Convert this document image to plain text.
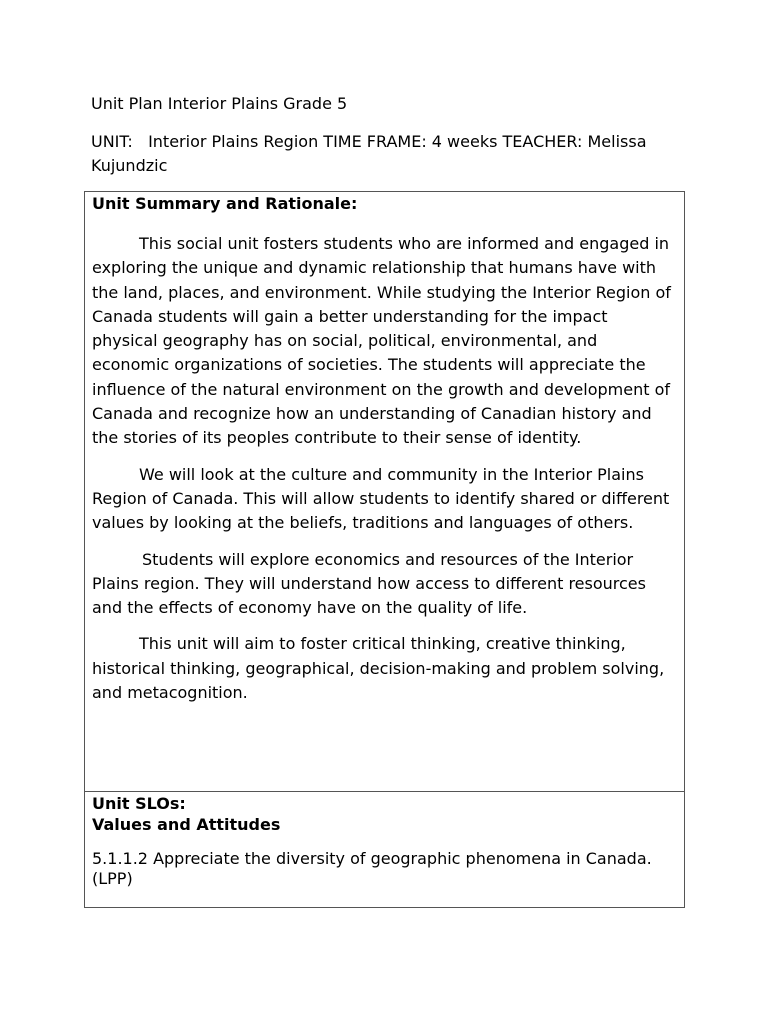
Unit Plan Interior Plains Grade 5
UNIT:   Interior Plains Region TIME FRAME: 4 weeks TEACHER: Melissa Kujundzic

Unit Summary and Rationale:

This social unit fosters students who are informed and engaged in exploring the unique and dynamic relationship that humans have with the land, places, and environment. While studying the Interior Region of Canada students will gain a better understanding for the impact physical geography has on social, political, environmental, and economic organizations of societies. The students will appreciate the influence of the natural environment on the growth and development of Canada and recognize how an understanding of Canadian history and the stories of its peoples contribute to their sense of identity.

We will look at the culture and community in the Interior Plains Region of Canada. This will allow students to identify shared or different values by looking at the beliefs, traditions and languages of others.

Students will explore economics and resources of the Interior Plains region. They will understand how access to different resources and the effects of economy have on the quality of life.

This unit will aim to foster critical thinking, creative thinking, historical thinking, geographical, decision-making and problem solving, and metacognition.

Unit SLOs:

Values and Attitudes

5.1.1.2 Appreciate the diversity of geographic phenomena in Canada. (LPP)
